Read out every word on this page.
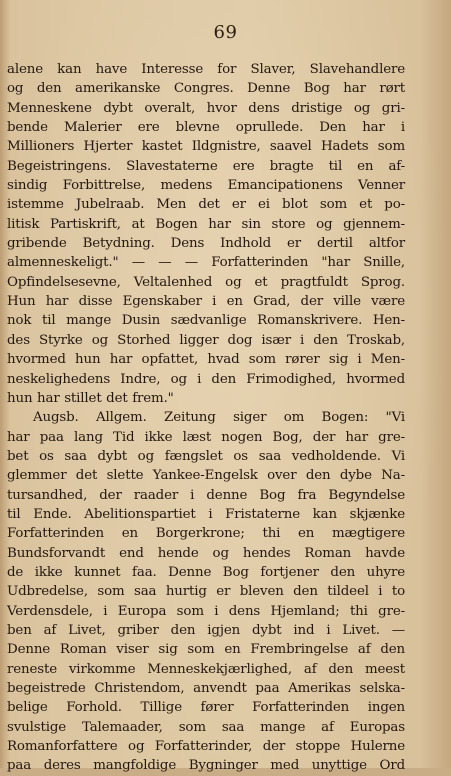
69
alene kan have Interesse for Slaver, Slavehandlere
og den amerikanske Congres. Denne Bog har rørt
Menneskene dybt overalt, hvor dens dristige og gri-
bende Malerier ere blevne oprullede. Den har i
Millioners Hjerter kastet Ildgnistre, saavel Hadets som
Begeistringens. Slavestaterne ere bragte til en af-
sindig Forbittrelse, medens Emancipationens Venner
istemme Jubelraab. Men det er ei blot som et po-
litisk Partiskrift, at Bogen har sin store og gjennem-
gribende Betydning. Dens Indhold er dertil altfor
almenneskeligt." — — — Forfatterinden "har Snille,
Opfindelsesevne, Veltalenhed og et pragtfuldt Sprog.
Hun har disse Egenskaber i en Grad, der ville være
nok til mange Dusin sædvanlige Romanskrivere. Hen-
des Styrke og Storhed ligger dog især i den Troskab,
hvormed hun har opfattet, hvad som rører sig i Men-
neskelighedens Indre, og i den Frimodighed, hvormed
hun har stillet det frem."
Augsb. Allgem. Zeitung siger om Bogen: "Vi
har paa lang Tid ikke læst nogen Bog, der har gre-
bet os saa dybt og fængslet os saa vedholdende. Vi
glemmer det slette Yankee-Engelsk over den dybe Na-
tursandhed, der raader i denne Bog fra Begyndelse
til Ende. Abelitionspartiet i Fristaterne kan skjænke
Forfatterinden en Borgerkrone; thi en mægtigere
Bundsforvandt end hende og hendes Roman havde
de ikke kunnet faa. Denne Bog fortjener den uhyre
Udbredelse, som saa hurtig er bleven den tildeel i to
Verdensdele, i Europa som i dens Hjemland; thi gre-
ben af Livet, griber den igjen dybt ind i Livet. —
Denne Roman viser sig som en Frembringelse af den
reneste virkomme Menneskekjærlighed, af den meest
begeistrede Christendom, anvendt paa Amerikas selska-
belige Forhold. Tillige fører Forfatterinden ingen
svulstige Talemaader, som saa mange af Europas
Romanforfattere og Forfatterinder, der stoppe Hulerne
paa deres mangfoldige Bygninger med unyttige Ord
